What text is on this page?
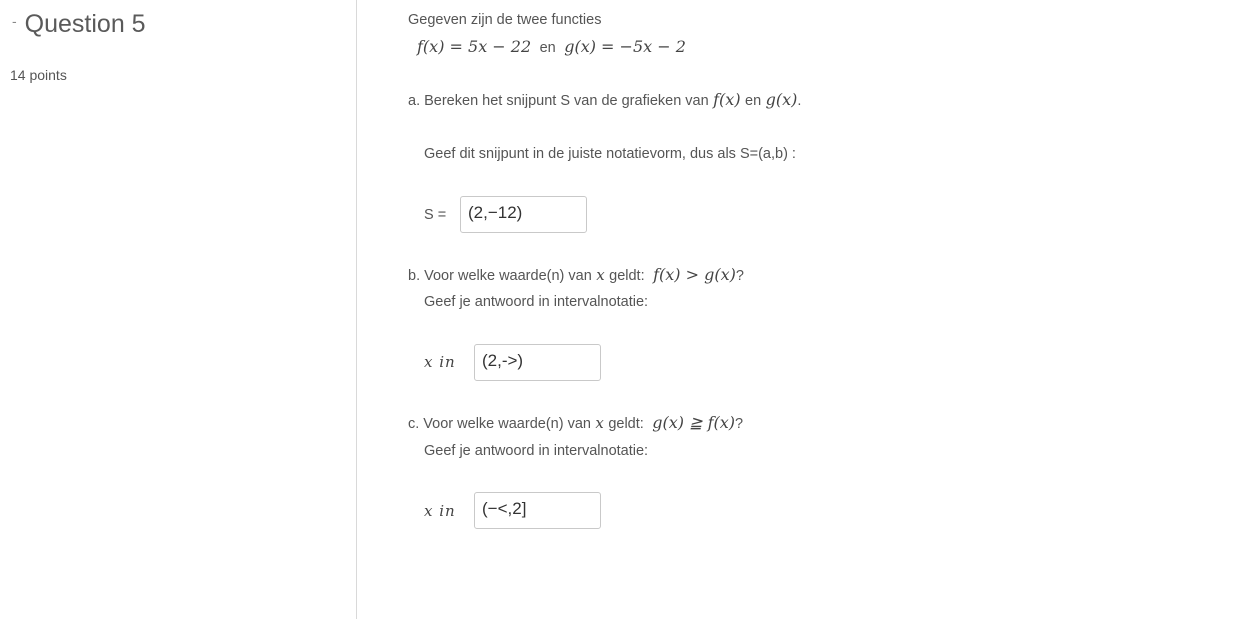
- Question 5
14 points
Gegeven zijn de twee functies
f(x) = 5x − 22 en g(x) = −5x − 2
a. Bereken het snijpunt S van de grafieken van f(x) en g(x).
Geef dit snijpunt in de juiste notatievorm, dus als S=(a,b) :
S =	(2,−12)
b. Voor welke waarde(n) van x geldt: f(x) > g(x)?
Geef je antwoord in intervalnotatie:
x in	(2,->)
c. Voor welke waarde(n) van x geldt: g(x) ≧ f(x)?
Geef je antwoord in intervalnotatie:
x in	(−<,2]
